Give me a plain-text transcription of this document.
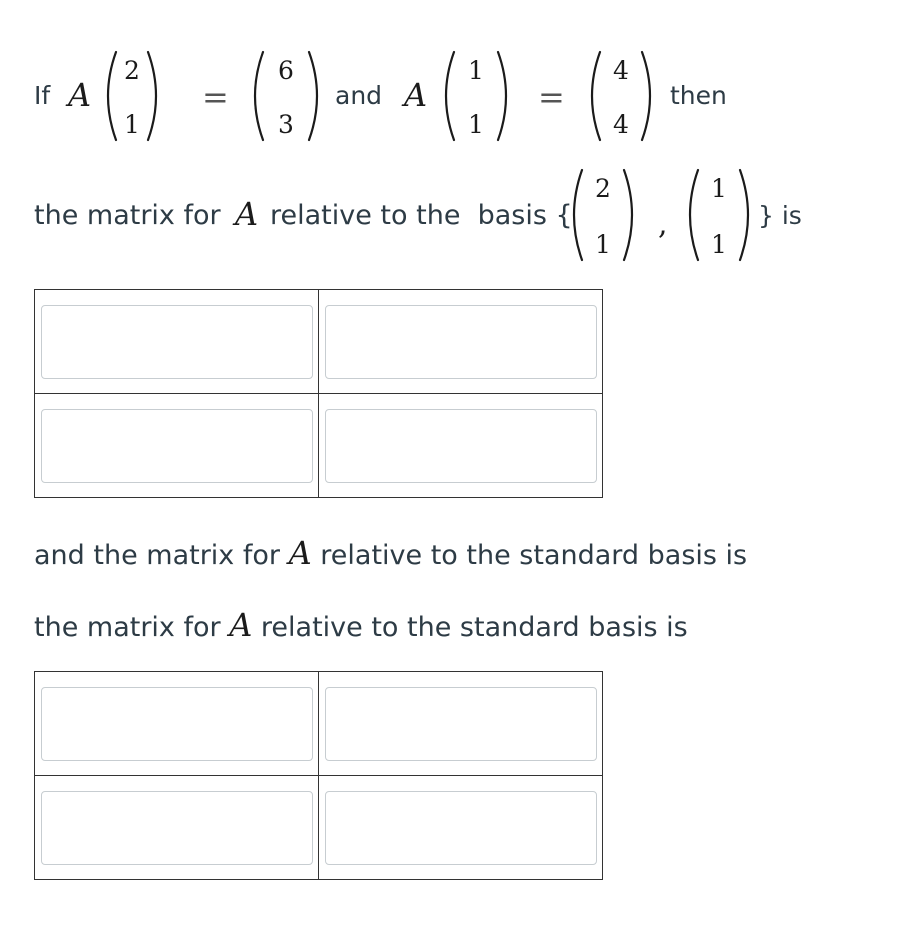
If A
2
1
=
6
3
and A
1
1
=
4
4
then
the matrix for A relative to the  basis {
2
1
,
1
1
} is

and the matrix for A relative to the standard basis is
the matrix for A relative to the standard basis is
